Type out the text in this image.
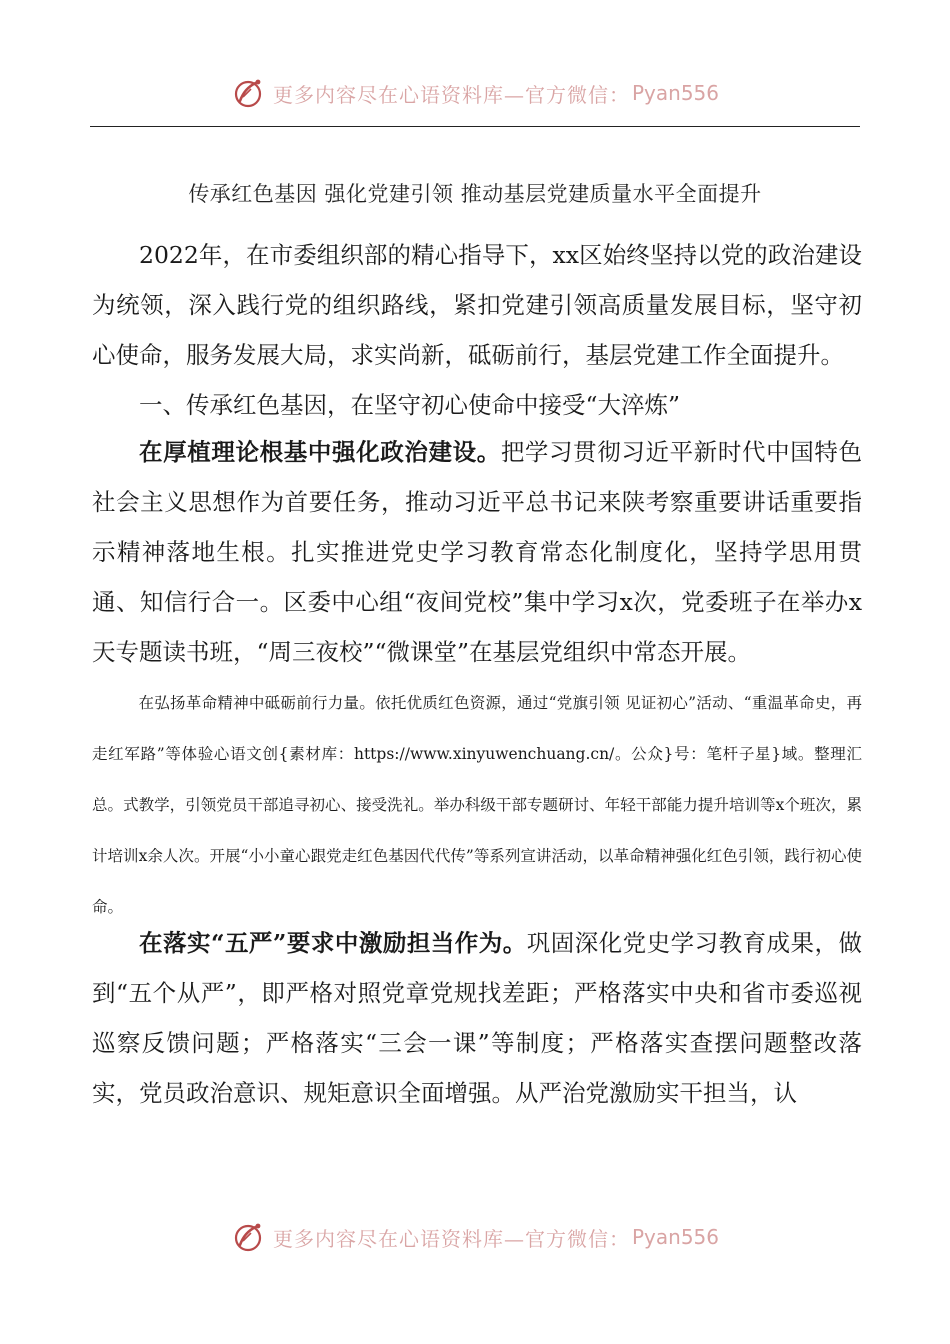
更多内容尽在心语资料库—官方微信： Pyan556
传承红色基因 强化党建引领 推动基层党建质量水平全面提升

2022年，在市委组织部的精心指导下，xx区始终坚持以党的政治建设为统领，深入践行党的组织路线，紧扣党建引领高质量发展目标，坚守初心使命，服务发展大局，求实尚新，砥砺前行，基层党建工作全面提升。

一、传承红色基因，在坚守初心使命中接受“大淬炼”

在厚植理论根基中强化政治建设。把学习贯彻习近平新时代中国特色社会主义思想作为首要任务，推动习近平总书记来陕考察重要讲话重要指示精神落地生根。扎实推进党史学习教育常态化制度化，坚持学思用贯通、知信行合一。区委中心组“夜间党校”集中学习x次，党委班子在举办x天专题读书班，“周三夜校”“微课堂”在基层党组织中常态开展。

在弘扬革命精神中砥砺前行力量。依托优质红色资源，通过“党旗引领 见证初心”活动、“重温革命史，再走红军路”等体验心语文创{素材库：https://www.xinyuwenchuang.cn/。公众}号：笔杆子星}域。整理汇总。式教学，引领党员干部追寻初心、接受洗礼。举办科级干部专题研讨、年轻干部能力提升培训等x个班次，累计培训x余人次。开展“小小童心跟党走红色基因代代传”等系列宣讲活动，以革命精神强化红色引领，践行初心使命。

在落实“五严”要求中激励担当作为。巩固深化党史学习教育成果，做到“五个从严”，即严格对照党章党规找差距；严格落实中央和省市委巡视巡察反馈问题；严格落实“三会一课”等制度；严格落实查摆问题整改落实，党员政治意识、规矩意识全面增强。从严治党激励实干担当，认

更多内容尽在心语资料库—官方微信： Pyan556
